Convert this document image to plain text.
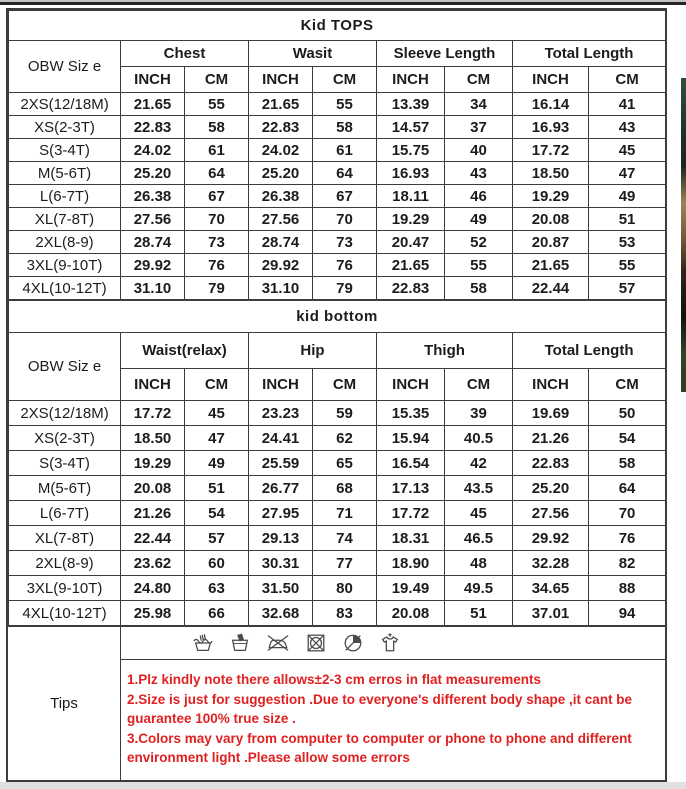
Kid TOPS								
OBW Siz e	Chest		Wasit		Sleeve Length		Total Length	
	INCH	CM	INCH	CM	INCH	CM	INCH	CM
2XS(12/18M)	21.65	55	21.65	55	13.39	34	16.14	41
XS(2-3T)	22.83	58	22.83	58	14.57	37	16.93	43
S(3-4T)	24.02	61	24.02	61	15.75	40	17.72	45
M(5-6T)	25.20	64	25.20	64	16.93	43	18.50	47
L(6-7T)	26.38	67	26.38	67	18.11	46	19.29	49
XL(7-8T)	27.56	70	27.56	70	19.29	49	20.08	51
2XL(8-9)	28.74	73	28.74	73	20.47	52	20.87	53
3XL(9-10T)	29.92	76	29.92	76	21.65	55	21.65	55
4XL(10-12T)	31.10	79	31.10	79	22.83	58	22.44	57
kid bottom								
OBW Siz e	Waist(relax)		Hip		Thigh		Total Length	
	INCH	CM	INCH	CM	INCH	CM	INCH	CM
2XS(12/18M)	17.72	45	23.23	59	15.35	39	19.69	50
XS(2-3T)	18.50	47	24.41	62	15.94	40.5	21.26	54
S(3-4T)	19.29	49	25.59	65	16.54	42	22.83	58
M(5-6T)	20.08	51	26.77	68	17.13	43.5	25.20	64
L(6-7T)	21.26	54	27.95	71	17.72	45	27.56	70
XL(7-8T)	22.44	57	29.13	74	18.31	46.5	29.92	76
2XL(8-9)	23.62	60	30.31	77	18.90	48	32.28	82
3XL(9-10T)	24.80	63	31.50	80	19.49	49.5	34.65	88
4XL(10-12T)	25.98	66	32.68	83	20.08	51	37.01	94
Tips
1.Plz kindly note there allows±2-3 cm erros in flat measurements
2.Size is just for suggestion .Due to everyone's different body shape ,it cant be guarantee 100% true size .
3.Colors may vary from computer to computer or phone to phone and different environment light .Please allow some errors
